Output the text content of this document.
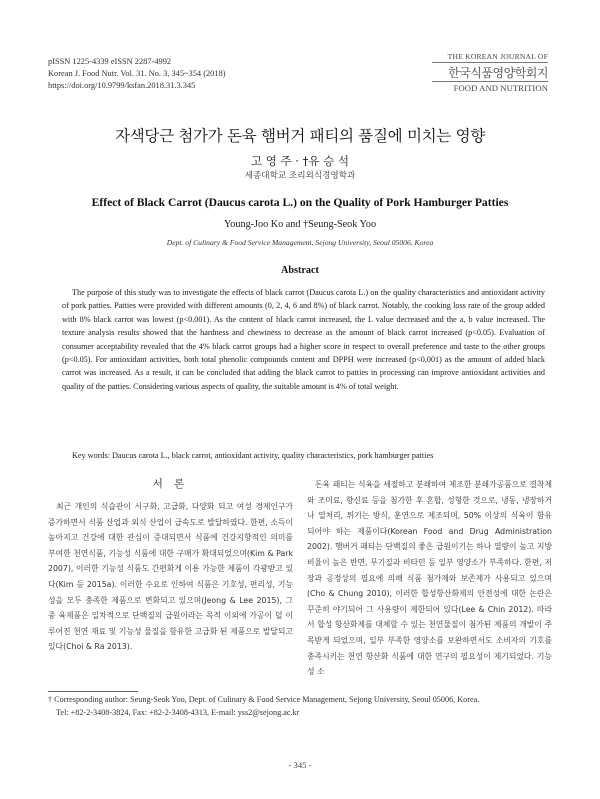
pISSN 1225-4339 eISSN 2287-4992
Korean J. Food Nutr. Vol. 31. No. 3, 345~354 (2018)
https://doi.org/10.9799/ksfan.2018.31.3.345
THE KOREAN JOURNAL OF
한국식품영양학회지
FOOD AND NUTRITION
자색당근 첨가가 돈육 햄버거 패티의 품질에 미치는 영향
고 영 주 · †유 승 석
세종대학교 조리외식경영학과
Effect of Black Carrot (Daucus carota L.) on the Quality of Pork Hamburger Patties
Young-Joo Ko and †Seung-Seok Yoo
Dept. of Culinary & Food Service Management, Sejong University, Seoul 05006, Korea
Abstract
The purpose of this study was to investigate the effects of black carrot (Daucus carota L.) on the quality characteristics and antioxidant activity of pork patties. Patties were provided with different amounts (0, 2, 4, 6 and 8%) of black carrot. Notably, the cooking loss rate of the group added with 8% black carrot was lowest (p<0.001). As the content of black carrot increased, the L value decreased and the a, b value increased. The texture analysis results showed that the hardness and chewiness to decrease as the amount of black carrot increased (p<0.05). Evaluation of consumer acceptability revealed that the 4% black carrot groups had a higher score in respect to overall preference and taste to the other groups (p<0.05). For antioxidant activities, both total phenolic compounds content and DPPH were increased (p<0.001) as the amount of added black carrot was increased. As a result, it can be concluded that adding the black carrot to patties in processing can improve antioxidant activities and quality of the patties. Considering various aspects of quality, the suitable amount is 4% of total weight.
Key words: Daucus carota L., black carrot, antioxidant activity, quality characteristics, pork hamburger patties
서 론

최근 개인의 식습관이 서구화, 고급화, 다양화 되고 여성 경제인구가 증가하면서 식품 산업과 외식 산업이 급속도로 발달하였다. 한편, 소득이 높아지고 건강에 대한 관심이 증대되면서 식품에 건강지향적인 의미를 부여한 천연식품, 기능성 식품에 대한 구매가 확대되었으며(Kim & Park 2007), 이러한 기능성 식품도 간편화게 이용 가능한 제품이 각광받고 있다(Kim 등 2015a). 이러한 수요로 인하여 식품은 기호성, 편리성, 기능성을 모두 충족한 제품으로 변화되고 있으며(Jeong & Lee 2015), 그 중 육제품은 일차적으로 단백질의 급원이라는 목적 이외에 가공이 덜 이루어진 천연 재료 및 기능성 물질을 함유한 고급화 된 제품으로 발달되고 있다(Choi & Ra 2013).

돈육 패티는 식육을 세절하고 분쇄하여 제조한 분쇄가공품으로 결착제와 조미료, 향신료 등을 첨가한 후 혼합, 성형한 것으로, 냉동, 냉장하거나 열처리, 튀기는 방식, 훈연으로 제조되며, 50% 이상의 식육이 함유 되어야 하는 제품이다(Korean Food and Drug Administration 2002). 햄버거 패티는 단백질의 좋은 급원이기는 하나 열량이 높고 지방비율이 높은 반면, 무기질과 비타민 등 일부 영양소가 부족하다. 한편, 저장과 공정상의 필요에 의해 식품 첨가제와 보존제가 사용되고 있으며(Cho & Chung 2010), 이러한 합성항산화제의 안전성에 대한 논란은 꾸준히 야기되어 그 사용량이 제한되어 있다(Lee & Chin 2012). 따라서 합성 항산화제를 대체할 수 있는 천연물질이 첨가된 제품의 개발이 주목받게 되었으며, 일부 부족한 영양소를 보완하면서도 소비자의 기호를 충족시키는 천연 항산화 식품에 대한 연구의 필요성이 제기되었다. 기능성 소

† Corresponding author: Seung-Seok Yoo, Dept. of Culinary & Food Service Management, Sejong University, Seoul 05006, Korea.
Tel: +82-2-3408-3824, Fax: +82-2-3408-4313, E-mail: yss2@sejong.ac.kr
- 345 -
